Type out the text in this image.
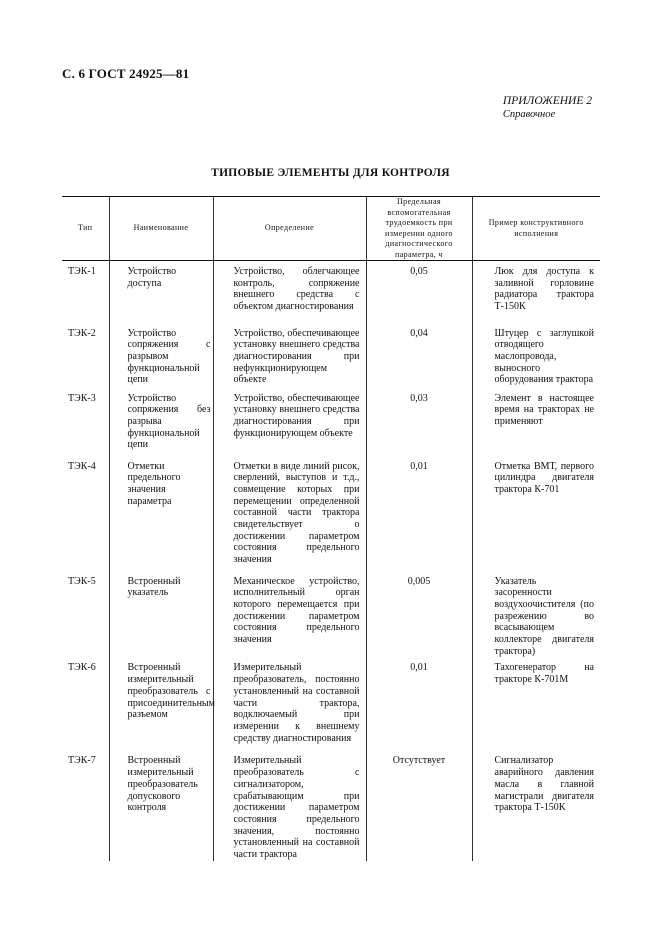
С. 6 ГОСТ 24925—81
ПРИЛОЖЕНИЕ 2
Справочное
ТИПОВЫЕ ЭЛЕМЕНТЫ ДЛЯ КОНТРОЛЯ
Тип	Наименование	Определение	Предельная вспомогательная трудоемкость при измерении одного диагностического параметра, ч	Пример конструктивного исполнения
ТЭК-1	Устройство доступа	Устройство, облегчающее контроль, сопряжение внешнего средства с объектом диагностирования	0,05	Люк для доступа к заливной горловине радиатора трактора Т-150К
ТЭК-2	Устройство сопряжения с разрывом функциональной цепи	Устройство, обеспечивающее установку внешнего средства диагностирования при нефункционирующем объекте	0,04	Штуцер с заглушкой отводящего маслопровода, выносного оборудования трактора
ТЭК-3	Устройство сопряжения без разрыва функциональной цепи	Устройство, обеспечивающее установку внешнего средства диагностирования при функционирующем объекте	0,03	Элемент в настоящее время на тракторах не применяют
ТЭК-4	Отметки предельного значения параметра	Отметки в виде линий рисок, сверлений, выступов и т.д., совмещение которых при перемещении определенной составной части трактора свидетельствует о достижении параметром состояния предельного значения	0,01	Отметка ВМТ, первого цилиндра двигателя трактора К-701
ТЭК-5	Встроенный указатель	Механическое устройство, исполнительный орган которого перемещается при достижении параметром состояния предельного значения	0,005	Указатель засоренности воздухоочистителя (по разрежению во всасывающем коллекторе двигателя трактора)
ТЭК-6	Встроенный измерительный преобразователь с присоединительным разъемом	Измерительный преобразователь, постоянно установленный на составной части трактора, водключаемый при измерении к внешнему средству диагностирования	0,01	Тахогенератор на тракторе К-701М
ТЭК-7	Встроенный измерительный преобразователь допускового контроля	Измерительный преобразователь с сигнализатором, срабатывающим при достижении параметром состояния предельного значения, постоянно установленный на составной части трактора	Отсутствует	Сигнализатор аварийного давления масла в главной магистрали двигателя трактора Т-150К
